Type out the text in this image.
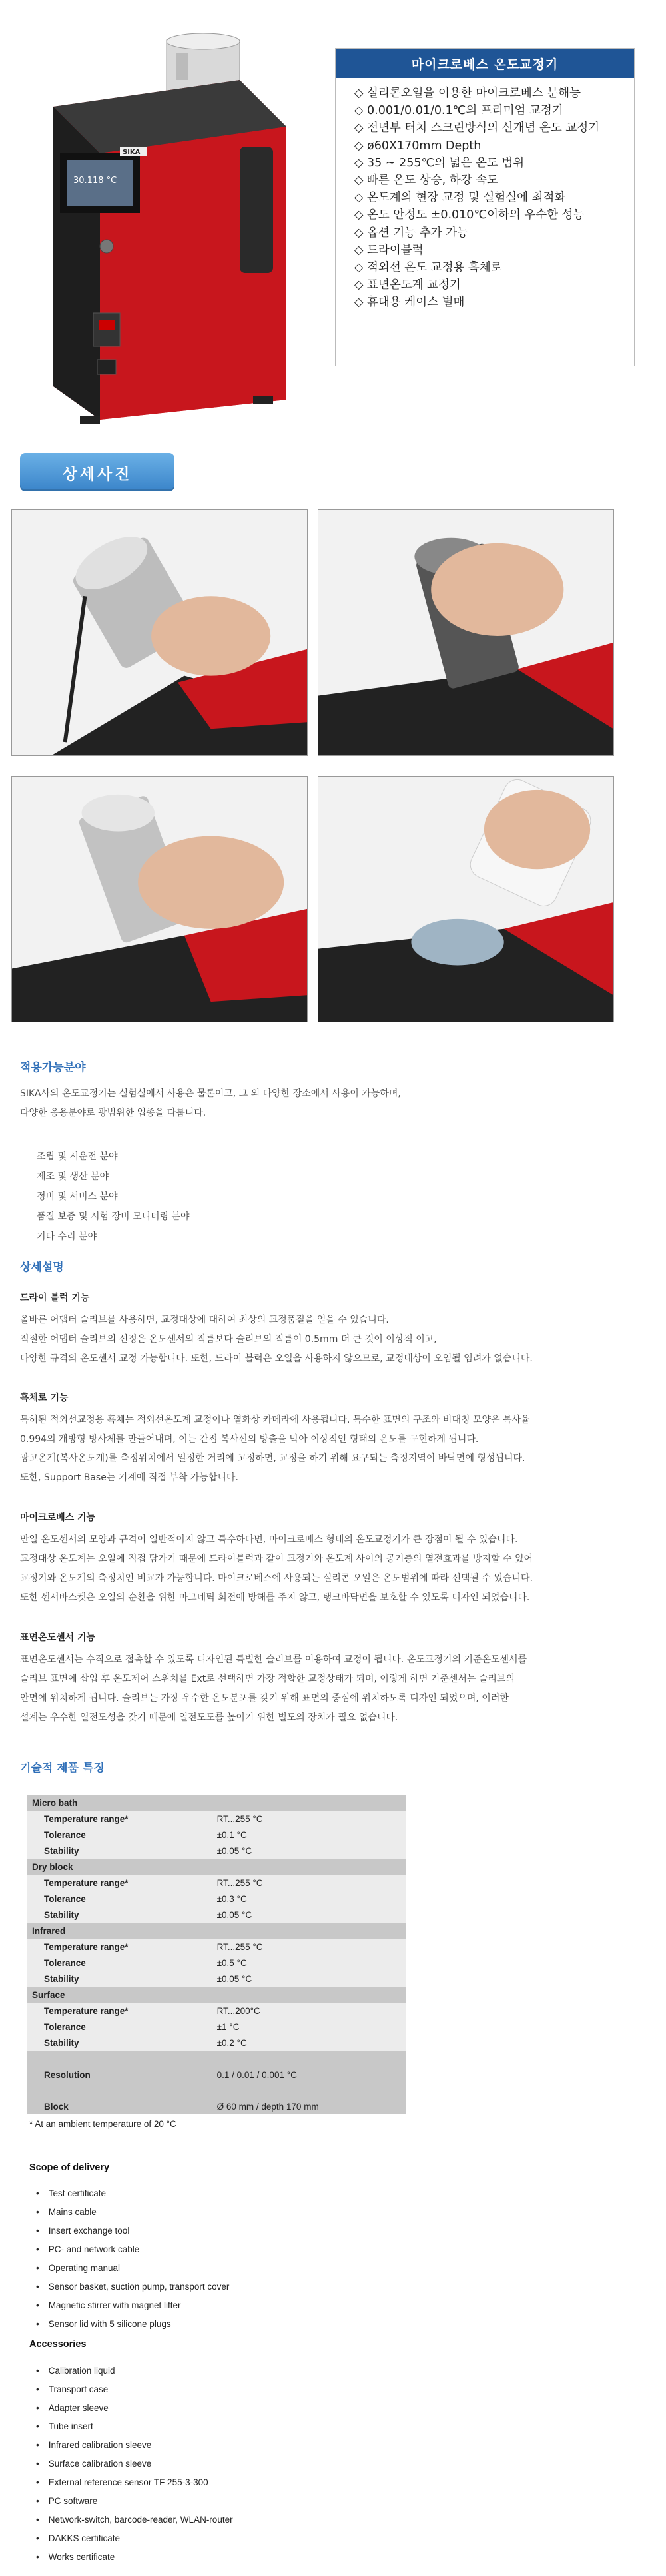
30.118 °C
SIKA
마이크로베스 온도교정기
◇ 실리콘오일을 이용한 마이크로베스 분해능
◇ 0.001/0.01/0.1℃의 프리미엄 교정기
◇ 전면부 터치 스크린방식의 신개념 온도 교정기
◇ ø60X170mm Depth
◇ 35 ~ 255℃의 넓은 온도 범위
◇ 빠른 온도 상승, 하강 속도
◇ 온도계의 현장 교정 및 실험실에 최적화
◇ 온도 안정도 ±0.010℃이하의 우수한 성능
◇ 옵션 기능 추가 가능
◇ 드라이블럭
◇ 적외선 온도 교정용 흑체로
◇ 표면온도계 교정기
◇ 휴대용 케이스 별매
상세사진
적용가능분야
SIKA사의 온도교정기는 실험실에서 사용은 물론이고, 그 외 다양한 장소에서 사용이 가능하며,
다양한 응용분야로 광범위한 업종을 다룹니다.
조립 및 시운전 분야
제조 및 생산 분야
정비 및 서비스 분야
품질 보증 및 시험 장비 모니터링 분야
기타 수리 분야
상세설명
드라이 블럭 기능
올바른 어댑터 슬리브를 사용하면, 교정대상에 대하여 최상의 교정품질을 얻을 수 있습니다.
적절한 어댑터 슬리브의 선정은 온도센서의 직름보다 슬리브의 직름이 0.5mm 더 큰 것이 이상적 이고,
다양한 규격의 온도센서 교정 가능합니다. 또한, 드라이 블럭은 오일을 사용하지 않으므로, 교정대상이 오염될 염려가 없습니다.
흑체로 기능
특허된 적외선교정용 흑체는 적외선온도계 교정이나 열화상 카메라에 사용됩니다. 특수한 표면의 구조와 비대칭 모양은 복사율
0.994의 개방형 방사체를 만들어내며, 이는 간접 복사선의 방출을 막아 이상적인 형태의 온도를 구현하게 됩니다.
광고온계(복사온도계)를 측정위치에서 일정한 거리에 고정하면, 교정을 하기 위해 요구되는 측정지역이 바닥면에 형성됩니다.
또한, Support Base는 기계에 직접 부착 가능합니다.
마이크로베스 기능
만일 온도센서의 모양과 규격이 일반적이지 않고 특수하다면, 마이크로베스 형태의 온도교정기가 큰 장점이 될 수 있습니다.
교정대상 온도계는 오일에 직접 담가기 때문에 드라이블럭과 같이 교정기와 온도계 사이의 공기층의 열전효과를 방지할 수 있어
교정기와 온도계의 측정치인 비교가 가능합니다. 마이크로베스에 사용되는 실리콘 오일은 온도범위에 따라 선택될 수 있습니다.
또한 센서바스켓은 오일의 순환을 위한 마그네틱 회전에 방해를 주지 않고, 탱크바닥면을 보호할 수 있도록 디자인 되었습니다.
표면온도센서 기능
표면온도센서는 수직으로 접촉할 수 있도록 디자인된 특별한 슬리브를 이용하여 교정이 됩니다. 온도교정기의 기준온도센서를
슬리브 표면에 삽입 후 온도제어 스위치를 Ext로 선택하면 가장 적합한 교정상태가 되며, 이렇게 하면 기준센서는 슬리브의
안면에 위치하게 됩니다. 슬리브는 가장 우수한 온도분포를 갖기 위해 표면의 중심에 위치하도록 디자인 되었으며, 이러한
설계는 우수한 열전도성을 갖기 때문에 열전도도를 높이기 위한 별도의 장치가 필요 없습니다.
기술적 제품 특징
Micro bath	
Temperature range*	RT...255 °C
Tolerance	±0.1 °C
Stability	±0.05 °C
Dry block	
Temperature range*	RT...255 °C
Tolerance	±0.3 °C
Stability	±0.05 °C
Infrared	
Temperature range*	RT...255 °C
Tolerance	±0.5 °C
Stability	±0.05 °C
Surface	
Temperature range*	RT...200°C
Tolerance	±1 °C
Stability	±0.2 °C

Resolution	0.1 / 0.01 / 0.001 °C

Block	Ø 60 mm / depth 170 mm
* At an ambient temperature of 20 °C
Scope of delivery
• Test certificate
• Mains cable
• Insert exchange tool
• PC- and network cable
• Operating manual
• Sensor basket, suction pump, transport cover
• Magnetic stirrer with magnet lifter
• Sensor lid with 5 silicone plugs
Accessories
• Calibration liquid
• Transport case
• Adapter sleeve
• Tube insert
• Infrared calibration sleeve
• Surface calibration sleeve
• External reference sensor TF 255-3-300
• PC software
• Network-switch, barcode-reader, WLAN-router
• DAKKS certificate
• Works certificate
